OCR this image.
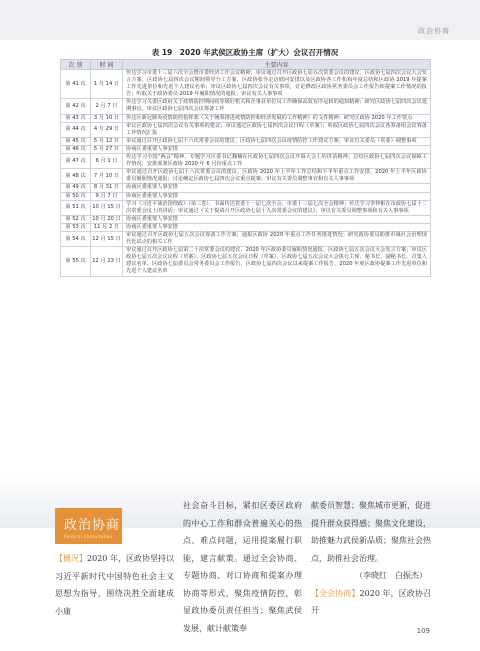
政治协商
表 19　2020 年武侯区政协主席（扩大）会议召开情况
次 别	时 间	主要内容
第 41 次	1 月 14 日	传达学习市委十三届六次全会暨市委经济工作会议精神；审议通过召开区政协七届五次常委会议的建议、区政协七届四次会议大会发言方案、区政协七届四次会议期间领导分工方案、区政协张导走访慰问安排以及区政协各工作机构年度总结和区政协 2019 年提案工作先进单位和先进个人建议名单；审议区政协七届四次会议有关事项，讨论修改区政协常务委员会工作报告和提案工作情况的报告；听取关于政协委员 2019 年履职情况的通报；审议有关人事事项
第 42 次	2 月 7 日	传达学习关委区政府关于疫情防控期间疫等级好机关和企事业单位员工作确保高效有序运转的通知精神；研究区政协七届四次会议延期事宜，审议区政协七届四次会议筹备工作
第 43 次	3 月 10 日	传达区新冠肺炎疫情防控指挥部《关于统筹推进疫情防控和经济发展的工作精神》的文件精神；研究区政协 2020 年工作要点
第 44 次	4 月 29 日	审议区政协七届四次会议有关事项的建议；审议通过区政协七届四次会议日程（草案）；听取区政协七届四次会议各筹备组会议筹备工作情况汇报
第 45 次	5 月 12 日	审议通过召开区政协七届十六次常委会议的建议、区政协七届四次会议疫情防控工作建议方案；审议有关委员（常委）调整事项
第 46 次	5 月 27 日	协商区委重要人事安排
第 47 次	6 月 1 日	传达学习全国“两会”精神，专题学习区委书记魏楠在区政协七届四次会议开幕大会上的讲话精神；总结区政协七届四次会议保障工作情况；安排部署区政协 2020 年 6 月份重点工作
第 48 次	7 月 10 日	审议通过召开区政协七届十八次常委会议的建议、区政协 2020 年上半年工作总结和下半年重点工作安排、2020 年上半年区政协委员履职情况通报；讨论确定区政协七届四次会议重点提案；审议有关委员调整事宜和有关人事事项
第 49 次	8 月 31 日	协商区委重要人事安排
第 50 次	9 月 7 日	协商区委重要人事安排
第 51 次	10 月 15 日	学习《习近平谈治国理政》（第三卷），书面传达省委十一届七次全会、市委十三届七次全会精神；传达学习李仲彬在市政协七届十二次常委会议上的讲话；审议通过《关于提请召开区政协七届十九次常委会议的建议》；审议有关委员调整事项和有关人事事项
第 52 次	10 月 20 日	协商区委重要人事安排
第 53 次	11 月 2 日	协商区委重要人事安排
第 54 次	12 月 15 日	审议通过召开区政协七届五次会议筹备工作方案；通报区政协 2020 年重点工作任务推进情况；研究政协委员助推市域社会治理现代化试点的相关工作
第 55 次	12 月 23 日	审议通过召开区政协七届第二十次常委会议的建议、2020 年区政协委员履职情况通报、区政协七届五次会议大会发言方案；审议区政协七届五次会议议程（草案）、区政协七届五次会议日程（草案）、区政协七届五次会议大会执行主席、秘书长、副秘书长、召集人建议名单、区政协七届委员会常务委员会工作报告、区政协七届四次会议以来提案工作报告、2020 年度区政协提案工作先进单位和先进个人建议名单
政治协商
Political Consultation

【概况】2020 年，区政协坚持以习近平新时代中国特色社会主义思想为指导，围绕决胜全面建成小康

社会奋斗目标，紧扣区委区政府的中心工作和群众普遍关心的热点、难点问题，运用提案履行职能，建言献策。通过全会协商、专题协商、对口协商和提案办理协商等形式，聚焦疫情防控，彰显政协委员责任担当；聚焦武侯发展，献计献策奉

献委员智慧；聚焦城市更新，促进提升群众获得感；聚焦文化建设，助推魅力武侯新品质；聚焦社会热点，助推社会治理。

（李晓红　白振杰）

【全会协商】2020 年，区政协召开

109
